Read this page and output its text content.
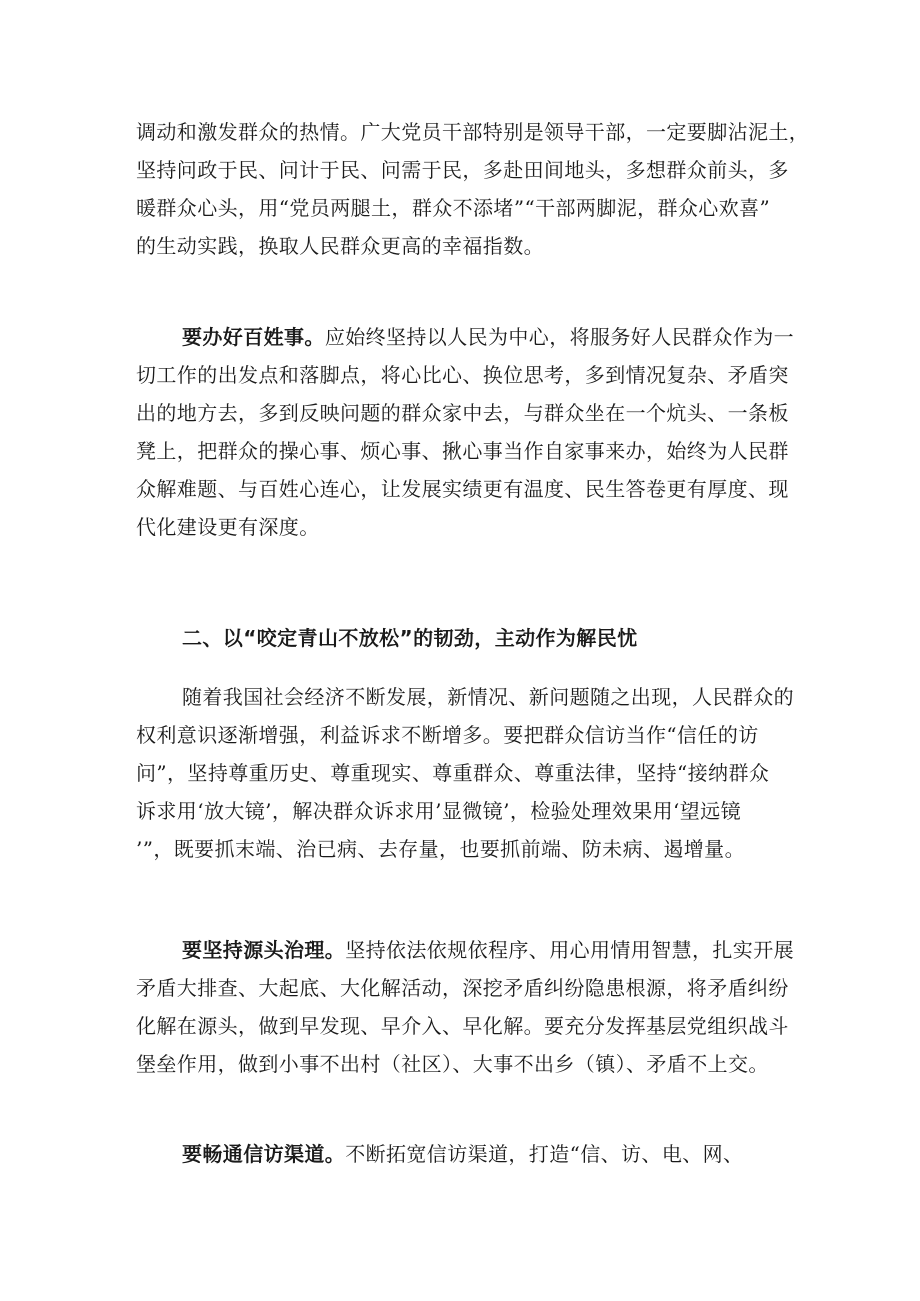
调动和激发群众的热情。广大党员干部特别是领导干部，一定要脚沾泥土，
坚持问政于民、问计于民、问需于民，多赴田间地头，多想群众前头，多
暖群众心头，用“党员两腿土，群众不添堵”“干部两脚泥，群众心欢喜”
的生动实践，换取人民群众更高的幸福指数。
要办好百姓事。应始终坚持以人民为中心，将服务好人民群众作为一
切工作的出发点和落脚点，将心比心、换位思考，多到情况复杂、矛盾突
出的地方去，多到反映问题的群众家中去，与群众坐在一个炕头、一条板
凳上，把群众的操心事、烦心事、揪心事当作自家事来办，始终为人民群
众解难题、与百姓心连心，让发展实绩更有温度、民生答卷更有厚度、现
代化建设更有深度。
二、以“咬定青山不放松”的韧劲，主动作为解民忧
随着我国社会经济不断发展，新情况、新问题随之出现，人民群众的
权利意识逐渐增强，利益诉求不断增多。要把群众信访当作“信任的访
问”，坚持尊重历史、尊重现实、尊重群众、尊重法律，坚持“接纳群众
诉求用‘放大镜’，解决群众诉求用’显微镜’，检验处理效果用‘望远镜
’”，既要抓末端、治已病、去存量，也要抓前端、防未病、遏增量。
要坚持源头治理。坚持依法依规依程序、用心用情用智慧，扎实开展
矛盾大排查、大起底、大化解活动，深挖矛盾纠纷隐患根源，将矛盾纠纷
化解在源头，做到早发现、早介入、早化解。要充分发挥基层党组织战斗
堡垒作用，做到小事不出村（社区）、大事不出乡（镇）、矛盾不上交。
要畅通信访渠道。不断拓宽信访渠道，打造“信、访、电、网、
